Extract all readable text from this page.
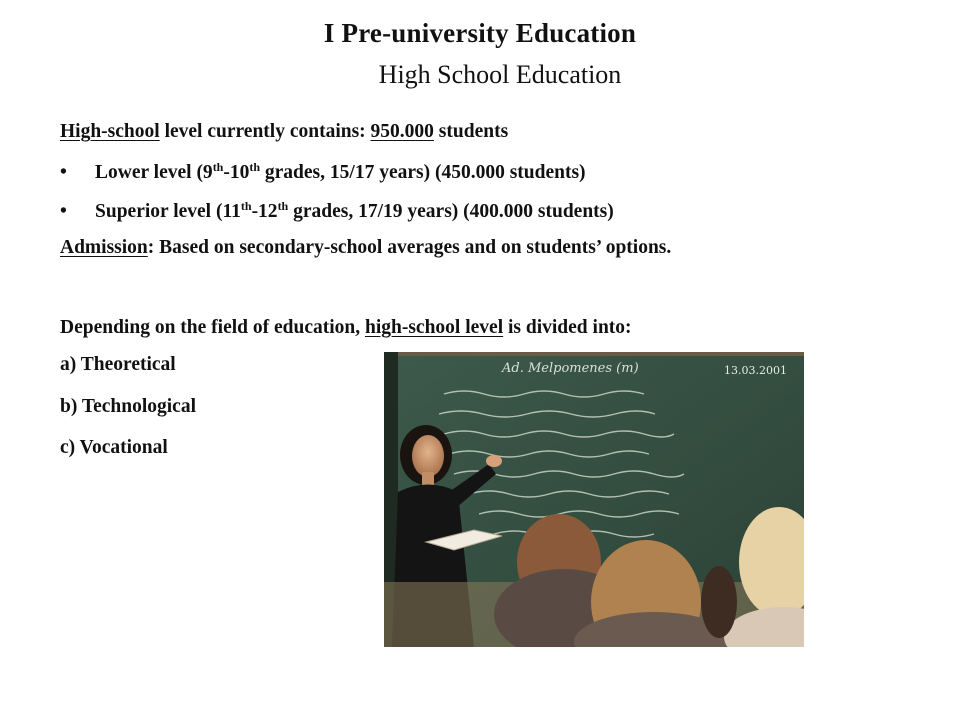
I Pre-university Education
High School Education
High-school level currently contains: 950.000 students
• Lower level (9th-10th grades, 15/17 years) (450.000 students)
• Superior level (11th-12th grades, 17/19 years) (400.000 students)
Admission: Based on secondary-school averages and on students’ options.
Depending on the field of education, high-school level is divided into:
a) Theoretical
b) Technological
c) Vocational
Ad. Melpomenes (m)	13.03.2001
